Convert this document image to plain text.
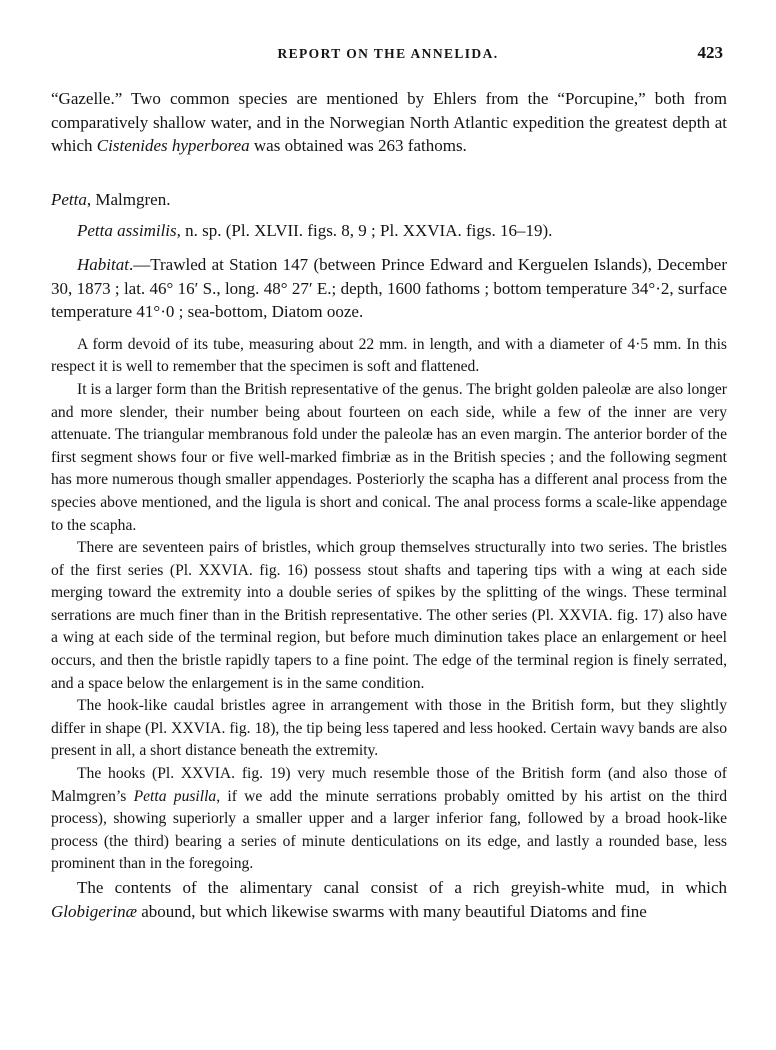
REPORT ON THE ANNELIDA.	423

“Gazelle.” Two common species are mentioned by Ehlers from the “Porcupine,” both from comparatively shallow water, and in the Norwegian North Atlantic expedition the greatest depth at which Cistenides hyperborea was obtained was 263 fathoms.

Petta, Malmgren.

Petta assimilis, n. sp. (Pl. XLVII. figs. 8, 9 ; Pl. XXVIA. figs. 16–19).

Habitat.—Trawled at Station 147 (between Prince Edward and Kerguelen Islands), December 30, 1873 ; lat. 46° 16′ S., long. 48° 27′ E.; depth, 1600 fathoms ; bottom temperature 34°·2, surface temperature 41°·0 ; sea-bottom, Diatom ooze.

A form devoid of its tube, measuring about 22 mm. in length, and with a diameter of 4·5 mm. In this respect it is well to remember that the specimen is soft and flattened.

It is a larger form than the British representative of the genus. The bright golden paleolæ are also longer and more slender, their number being about fourteen on each side, while a few of the inner are very attenuate. The triangular membranous fold under the paleolæ has an even margin. The anterior border of the first segment shows four or five well-marked fimbriæ as in the British species ; and the following segment has more numerous though smaller appendages. Posteriorly the scapha has a different anal process from the species above mentioned, and the ligula is short and conical. The anal process forms a scale-like appendage to the scapha.

There are seventeen pairs of bristles, which group themselves structurally into two series. The bristles of the first series (Pl. XXVIA. fig. 16) possess stout shafts and tapering tips with a wing at each side merging toward the extremity into a double series of spikes by the splitting of the wings. These terminal serrations are much finer than in the British representative. The other series (Pl. XXVIA. fig. 17) also have a wing at each side of the terminal region, but before much diminution takes place an enlargement or heel occurs, and then the bristle rapidly tapers to a fine point. The edge of the terminal region is finely serrated, and a space below the enlargement is in the same condition.

The hook-like caudal bristles agree in arrangement with those in the British form, but they slightly differ in shape (Pl. XXVIA. fig. 18), the tip being less tapered and less hooked. Certain wavy bands are also present in all, a short distance beneath the extremity.

The hooks (Pl. XXVIA. fig. 19) very much resemble those of the British form (and also those of Malmgren’s Petta pusilla, if we add the minute serrations probably omitted by his artist on the third process), showing superiorly a smaller upper and a larger inferior fang, followed by a broad hook-like process (the third) bearing a series of minute denticulations on its edge, and lastly a rounded base, less prominent than in the foregoing.

The contents of the alimentary canal consist of a rich greyish-white mud, in which Globigerinæ abound, but which likewise swarms with many beautiful Diatoms and fine
